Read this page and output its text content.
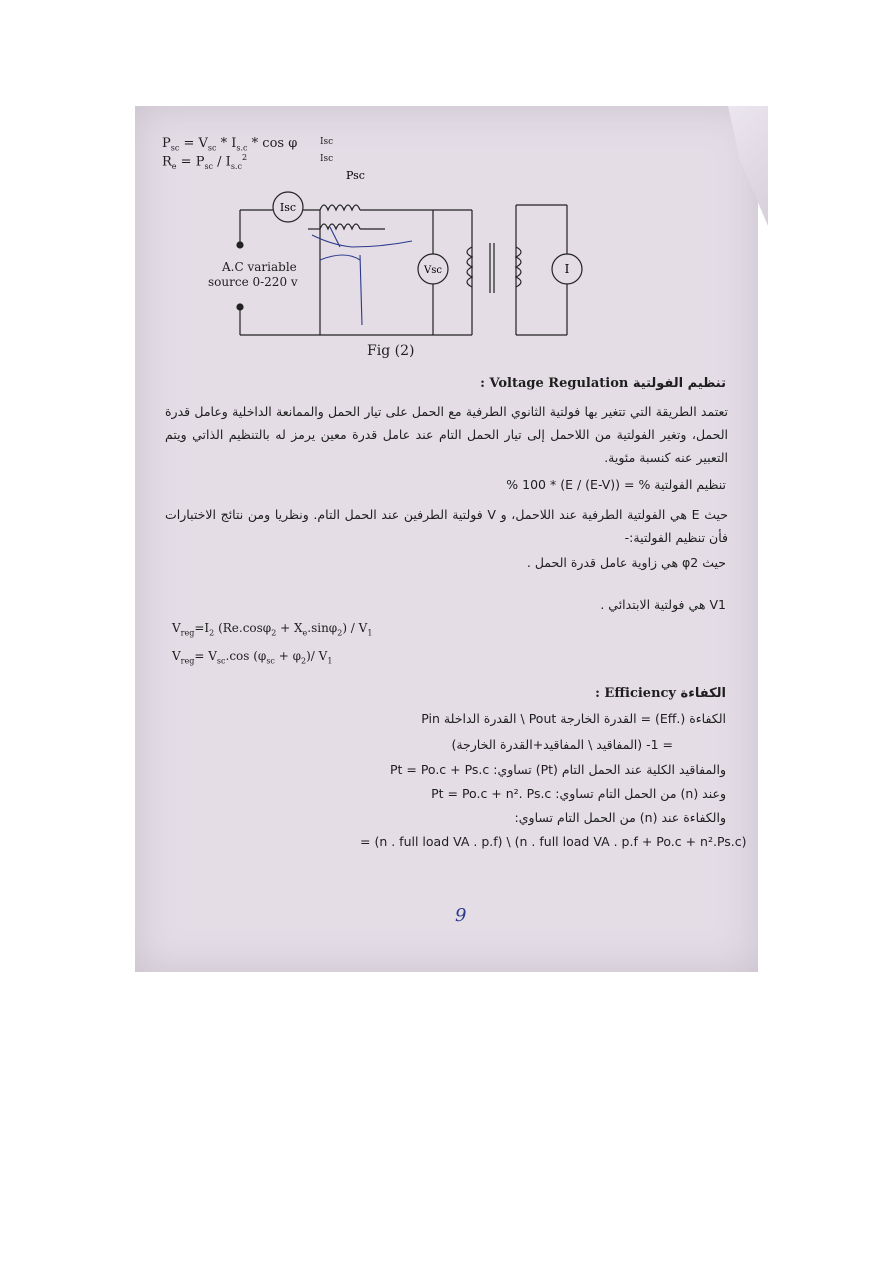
$P_{sc} = V_{sc} * I_{s.c} * \cos \varphi$
$R_e = P_{sc} / I_{s.c}^2$
Isc
Isc
Isc
Vsc	I
Psc
A.C variable
source 0-220 v
Fig (2)
تنظيم الفولتية Voltage Regulation :
تعتمد الطريقة التي تتغير بها فولتية الثانوي الطرفية مع الحمل على تيار الحمل والممانعة الداخلية وعامل قدرة الحمل، وتغير الفولتية من اللاحمل إلى تيار الحمل التام عند عامل قدرة معين يرمز له بالتنظيم الذاتي ويتم التعبير عنه كنسبة مئوية.
تنظيم الفولتية % = ((E-V) / E) * 100 %
حيث E هي الفولتية الطرفية عند اللاحمل، و V فولتية الطرفين عند الحمل التام. ونظريا ومن نتائج الاختبارات فأن تنظيم الفولتية:-
حيث φ2 هي زاوية عامل قدرة الحمل .
V1 هي فولتية الابتدائي .
$V_{reg}=I_2$ $(Re.\cos\varphi_2 + X_e.\sin\varphi_2) / V_1$
$V_{reg}= V_{sc}.\cos$ $(\varphi_{sc} + \varphi_2)/$ $V_1$
الكفاءة Efficiency :
الكفاءة (.Eff) = القدرة الخارجة Pout \ القدرة الداخلة Pin
= 1- (المفاقيد \ المفاقيد+القدرة الخارجة)
والمفاقيد الكلية عند الحمل التام (Pt) تساوي: Pt = Po.c + Ps.c
وعند (n) من الحمل التام تساوي: Pt = Po.c + n². Ps.c
والكفاءة عند (n) من الحمل التام تساوي:
= (n . full load VA . p.f) \ (n . full load VA . p.f + Po.c + n².Ps.c)
9
